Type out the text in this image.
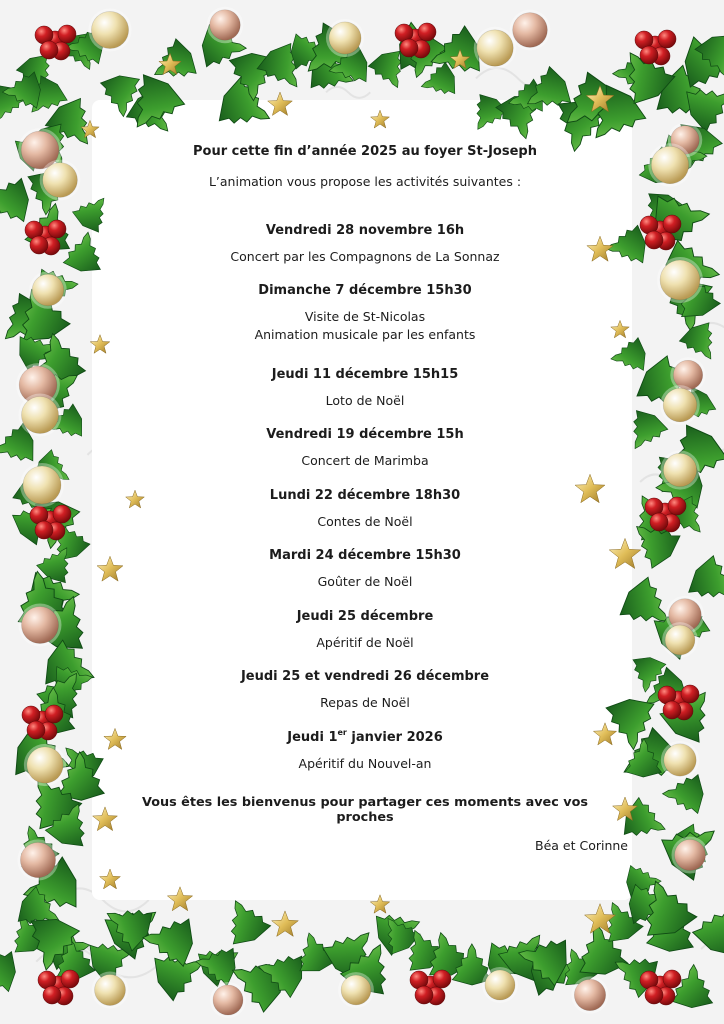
Pour cette fin d’année 2025 au foyer St-Joseph
L’animation vous propose les activités suivantes :
Vendredi 28 novembre 16h
Concert par les Compagnons de La Sonnaz
Dimanche 7 décembre 15h30
Visite de St-Nicolas
Animation musicale par les enfants
Jeudi 11 décembre 15h15
Loto de Noël
Vendredi 19 décembre 15h
Concert de Marimba
Lundi 22 décembre 18h30
Contes de Noël
Mardi 24 décembre 15h30
Goûter de Noël
Jeudi 25 décembre
Apéritif de Noël
Jeudi 25 et vendredi 26 décembre
Repas de Noël
Jeudi 1er janvier 2026
Apéritif du Nouvel-an
Vous êtes les bienvenus pour partager ces moments avec vos proches
Béa et Corinne
